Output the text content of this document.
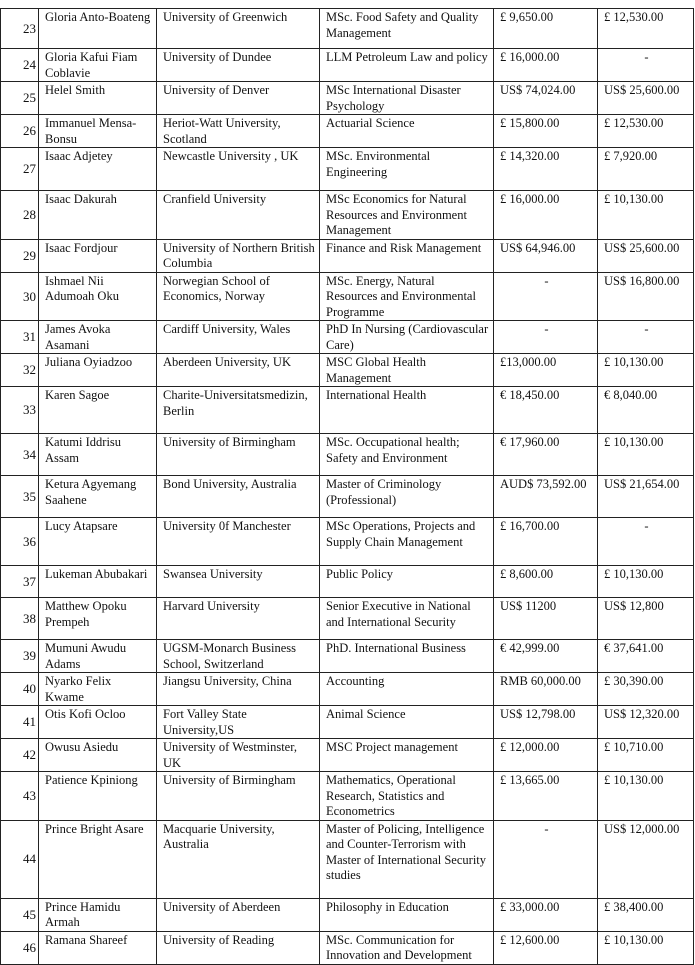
23	Gloria Anto-Boateng	University of Greenwich	MSc. Food Safety and Quality Management	£ 9,650.00	£ 12,530.00
24	Gloria Kafui Fiam Coblavie	University of Dundee	LLM Petroleum Law and policy	£ 16,000.00	-
25	Helel Smith	University of Denver	MSc International Disaster Psychology	US$ 74,024.00	US$ 25,600.00
26	Immanuel Mensa-Bonsu	Heriot-Watt University, Scotland	Actuarial Science	£ 15,800.00	£ 12,530.00
27	Isaac Adjetey	Newcastle University , UK	MSc. Environmental Engineering	£ 14,320.00	£ 7,920.00
28	Isaac Dakurah	Cranfield University	MSc Economics for Natural Resources and Environment Management	£ 16,000.00	£ 10,130.00
29	Isaac Fordjour	University of Northern British Columbia	Finance and Risk Management	US$ 64,946.00	US$ 25,600.00
30	Ishmael Nii Adumoah Oku	Norwegian School of Economics, Norway	MSc. Energy, Natural Resources and Environmental Programme	-	US$ 16,800.00
31	James Avoka Asamani	Cardiff University, Wales	PhD In Nursing (Cardiovascular Care)	-	-
32	Juliana Oyiadzoo	Aberdeen University, UK	MSC Global Health Management	£13,000.00	£ 10,130.00
33	Karen Sagoe	Charite-Universitatsmedizin, Berlin	International Health	€ 18,450.00	€ 8,040.00
34	Katumi Iddrisu Assam	University of Birmingham	MSc. Occupational health; Safety and Environment	€ 17,960.00	£ 10,130.00
35	Ketura Agyemang Saahene	Bond University, Australia	Master of Criminology (Professional)	AUD$ 73,592.00	US$ 21,654.00
36	Lucy Atapsare	University 0f Manchester	MSc Operations, Projects and Supply Chain Management	£ 16,700.00	-
37	Lukeman Abubakari	Swansea University	Public Policy	£ 8,600.00	£ 10,130.00
38	Matthew Opoku Prempeh	Harvard University	Senior Executive in National and International Security	US$ 11200	US$ 12,800
39	Mumuni Awudu Adams	UGSM-Monarch Business School, Switzerland	PhD. International Business	€ 42,999.00	€ 37,641.00
40	Nyarko Felix Kwame	Jiangsu University, China	Accounting	RMB 60,000.00	£ 30,390.00
41	Otis Kofi Ocloo	Fort Valley State University,US	Animal Science	US$ 12,798.00	US$ 12,320.00
42	Owusu Asiedu	University of Westminster, UK	MSC Project management	£ 12,000.00	£ 10,710.00
43	Patience Kpiniong	University of Birmingham	Mathematics, Operational Research, Statistics and Econometrics	£ 13,665.00	£ 10,130.00
44	Prince Bright Asare	Macquarie University, Australia	Master of Policing, Intelligence and Counter-Terrorism with Master of International Security studies	-	US$ 12,000.00
45	Prince Hamidu Armah	University of Aberdeen	Philosophy in Education	£ 33,000.00	£ 38,400.00
46	Ramana Shareef	University of Reading	MSc. Communication for Innovation and Development	£ 12,600.00	£ 10,130.00
